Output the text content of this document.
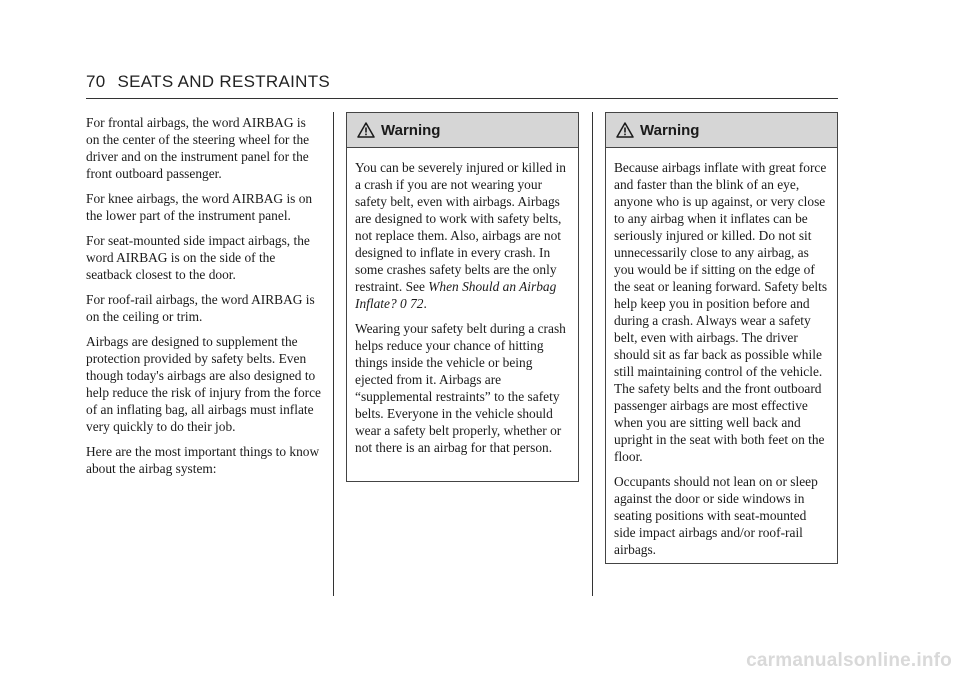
70 SEATS AND RESTRAINTS

For frontal airbags, the word AIRBAG is on the center of the steering wheel for the driver and on the instrument panel for the front outboard passenger.

For knee airbags, the word AIRBAG is on the lower part of the instrument panel.

For seat-mounted side impact airbags, the word AIRBAG is on the side of the seatback closest to the door.

For roof-rail airbags, the word AIRBAG is on the ceiling or trim.

Airbags are designed to supplement the protection provided by safety belts. Even though today's airbags are also designed to help reduce the risk of injury from the force of an inflating bag, all airbags must inflate very quickly to do their job.

Here are the most important things to know about the airbag system:

Warning

You can be severely injured or killed in a crash if you are not wearing your safety belt, even with airbags. Airbags are designed to work with safety belts, not replace them. Also, airbags are not designed to inflate in every crash. In some crashes safety belts are the only restraint. See When Should an Airbag Inflate? 0 72.

Wearing your safety belt during a crash helps reduce your chance of hitting things inside the vehicle or being ejected from it. Airbags are “supplemental restraints” to the safety belts. Everyone in the vehicle should wear a safety belt properly, whether or not there is an airbag for that person.

Warning

Because airbags inflate with great force and faster than the blink of an eye, anyone who is up against, or very close to any airbag when it inflates can be seriously injured or killed. Do not sit unnecessarily close to any airbag, as you would be if sitting on the edge of the seat or leaning forward. Safety belts help keep you in position before and during a crash. Always wear a safety belt, even with airbags. The driver should sit as far back as possible while still maintaining control of the vehicle. The safety belts and the front outboard passenger airbags are most effective when you are sitting well back and upright in the seat with both feet on the floor.

Occupants should not lean on or sleep against the door or side windows in seating positions with seat-mounted side impact airbags and/or roof-rail airbags.

carmanualsonline.info
